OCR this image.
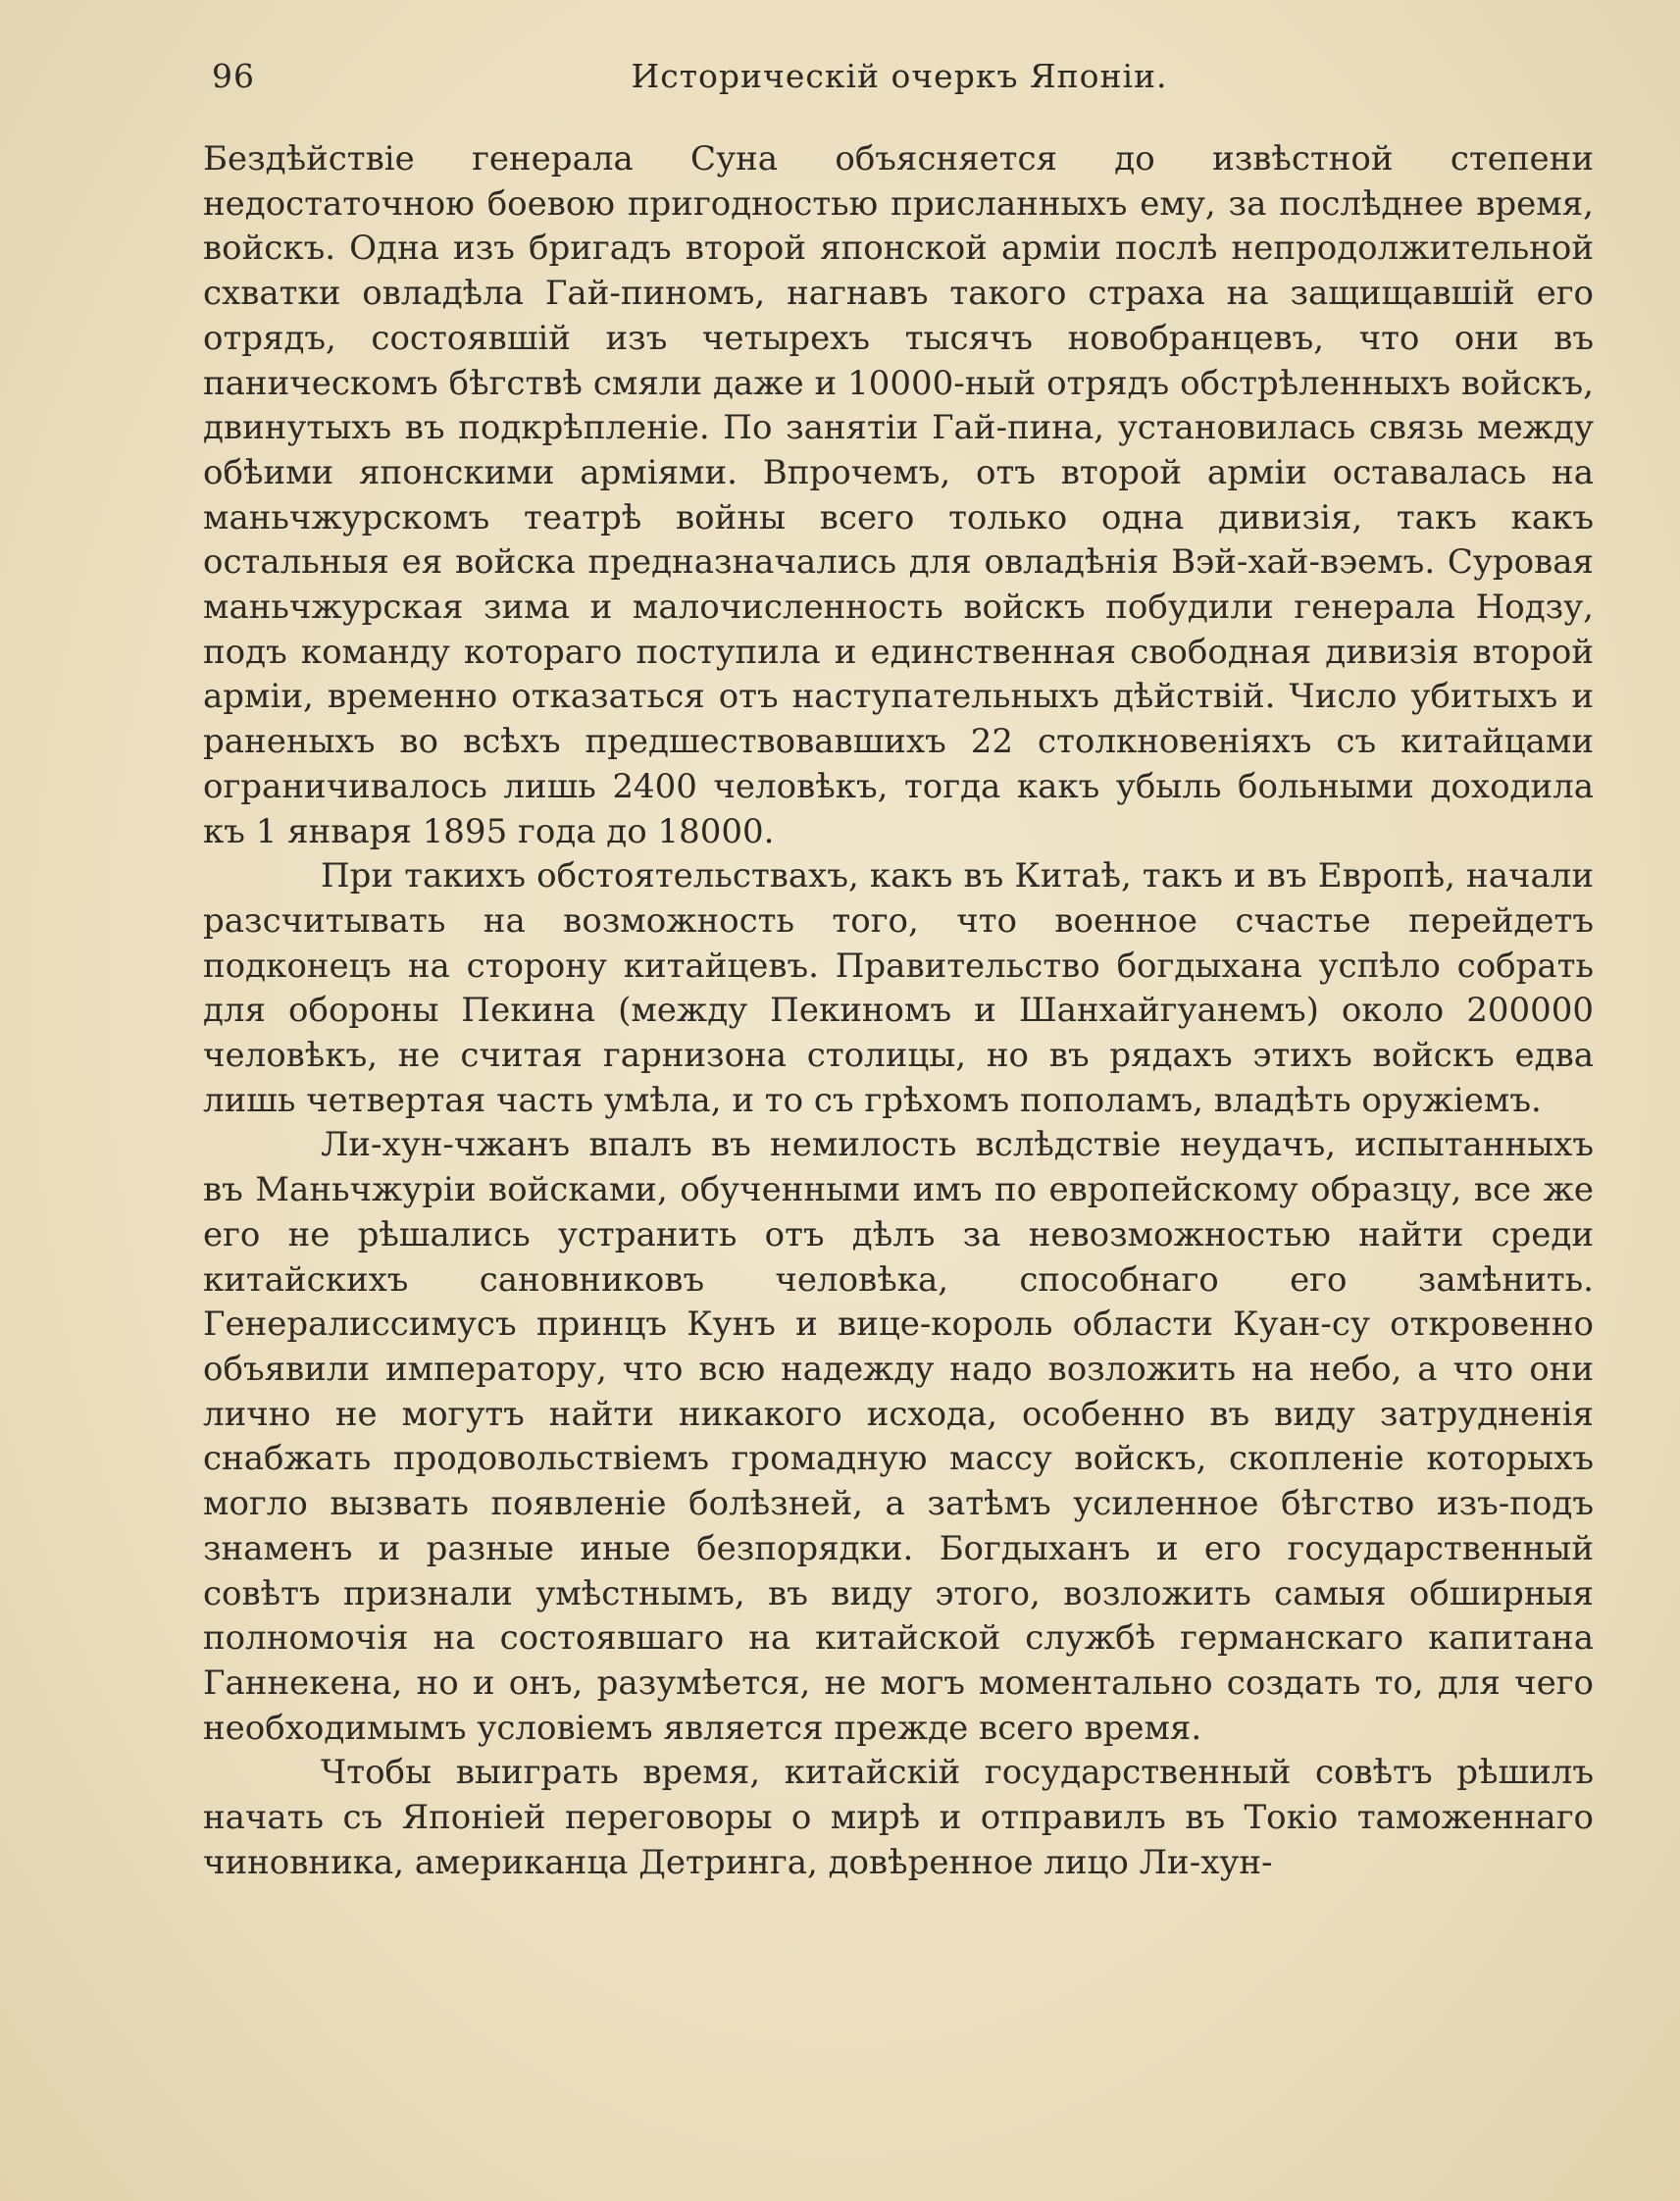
96	Историческій очеркъ Японіи.

Бездѣйствіе генерала Суна объясняется до извѣстной степени недостаточною боевою пригодностью присланныхъ ему, за послѣднее время, войскъ. Одна изъ бригадъ второй японской арміи послѣ непродолжительной схватки овладѣла Гай-пиномъ, нагнавъ такого страха на защищавшій его отрядъ, состоявшій изъ четырехъ тысячъ новобранцевъ, что они въ паническомъ бѣгствѣ смяли даже и 10000-ный отрядъ обстрѣленныхъ войскъ, двинутыхъ въ подкрѣпленіе. По занятіи Гай-пина, установилась связь между обѣими японскими арміями. Впрочемъ, отъ второй арміи оставалась на маньчжурскомъ театрѣ войны всего только одна дивизія, такъ какъ остальныя ея войска предназначались для овладѣнія Вэй-хай-вэемъ. Суровая маньчжурская зима и малочисленность войскъ побудили генерала Нодзу, подъ команду котораго поступила и единственная свободная дивизія второй арміи, временно отказаться отъ наступательныхъ дѣйствій. Число убитыхъ и раненыхъ во всѣхъ предшествовавшихъ 22 столкновеніяхъ съ китайцами ограничивалось лишь 2400 человѣкъ, тогда какъ убыль больными доходила къ 1 января 1895 года до 18000.

При такихъ обстоятельствахъ, какъ въ Китаѣ, такъ и въ Европѣ, начали разсчитывать на возможность того, что военное счастье перейдетъ подконецъ на сторону китайцевъ. Правительство богдыхана успѣло собрать для обороны Пекина (между Пекиномъ и Шанхайгуанемъ) около 200000 человѣкъ, не считая гарнизона столицы, но въ рядахъ этихъ войскъ едва лишь четвертая часть умѣла, и то съ грѣхомъ пополамъ, владѣть оружіемъ.

Ли-хун-чжанъ впалъ въ немилость вслѣдствіе неудачъ, испытанныхъ въ Маньчжуріи войсками, обученными имъ по европейскому образцу, все же его не рѣшались устранить отъ дѣлъ за невозможностью найти среди китайскихъ сановниковъ человѣка, способнаго его замѣнить. Генералиссимусъ принцъ Кунъ и вице-король области Куан-су откровенно объявили императору, что всю надежду надо возложить на небо, а что они лично не могутъ найти никакого исхода, особенно въ виду затрудненія снабжать продовольствіемъ громадную массу войскъ, скопленіе которыхъ могло вызвать появленіе болѣзней, а затѣмъ усиленное бѣгство изъ-подъ знаменъ и разные иные безпорядки. Богдыханъ и его государственный совѣтъ признали умѣстнымъ, въ виду этого, возложить самыя обширныя полномочія на состоявшаго на китайской службѣ германскаго капитана Ганнекена, но и онъ, разумѣется, не могъ моментально создать то, для чего необходимымъ условіемъ является прежде всего время.

Чтобы выиграть время, китайскій государственный совѣтъ рѣшилъ начать съ Японіей переговоры о мирѣ и отправилъ въ Токіо таможеннаго чиновника, американца Детринга, довѣренное лицо Ли-хун-
